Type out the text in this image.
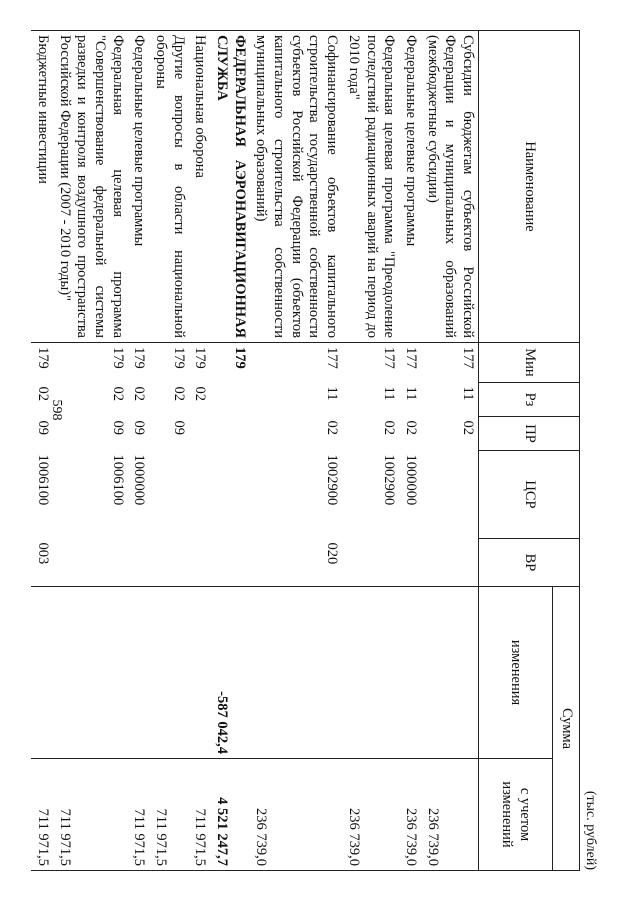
598
(тыс. рублей)
Наименование	Мин	Рз	ПР	ЦСР	ВР	Сумма	
						изменения	с учетом изменений
Субсидии бюджетам субъектов Российской Федерации и муниципальных образований (межбюджетные субсидии)	177	11	02				236 739,0
Федеральные целевые программы	177	11	02	1000000			236 739,0
Федеральная целевая программа "Преодоление последствий радиационных аварий на период до 2010 года"	177	11	02	1002900			236 739,0
Софинансирование объектов капитального строительства государственной собственности субъектов Российской Федерации (объектов капитального строительства собственности муниципальных образований)	177	11	02	1002900	020		236 739,0
ФЕДЕРАЛЬНАЯ АЭРОНАВИГАЦИОННАЯ СЛУЖБА	179					-587 042,4	4 521 247,7
Национальная оборона	179	02					711 971,5
Другие вопросы в области национальной обороны	179	02	09				711 971,5
Федеральные целевые программы	179	02	09	1000000			711 971,5
Федеральная целевая программа "Совершенствование федеральной системы разведки и контроля воздушного пространства Российской Федерации (2007 - 2010 годы)"	179	02	09	1006100			711 971,5
Бюджетные инвестиции	179	02	09	1006100	003		711 971,5
